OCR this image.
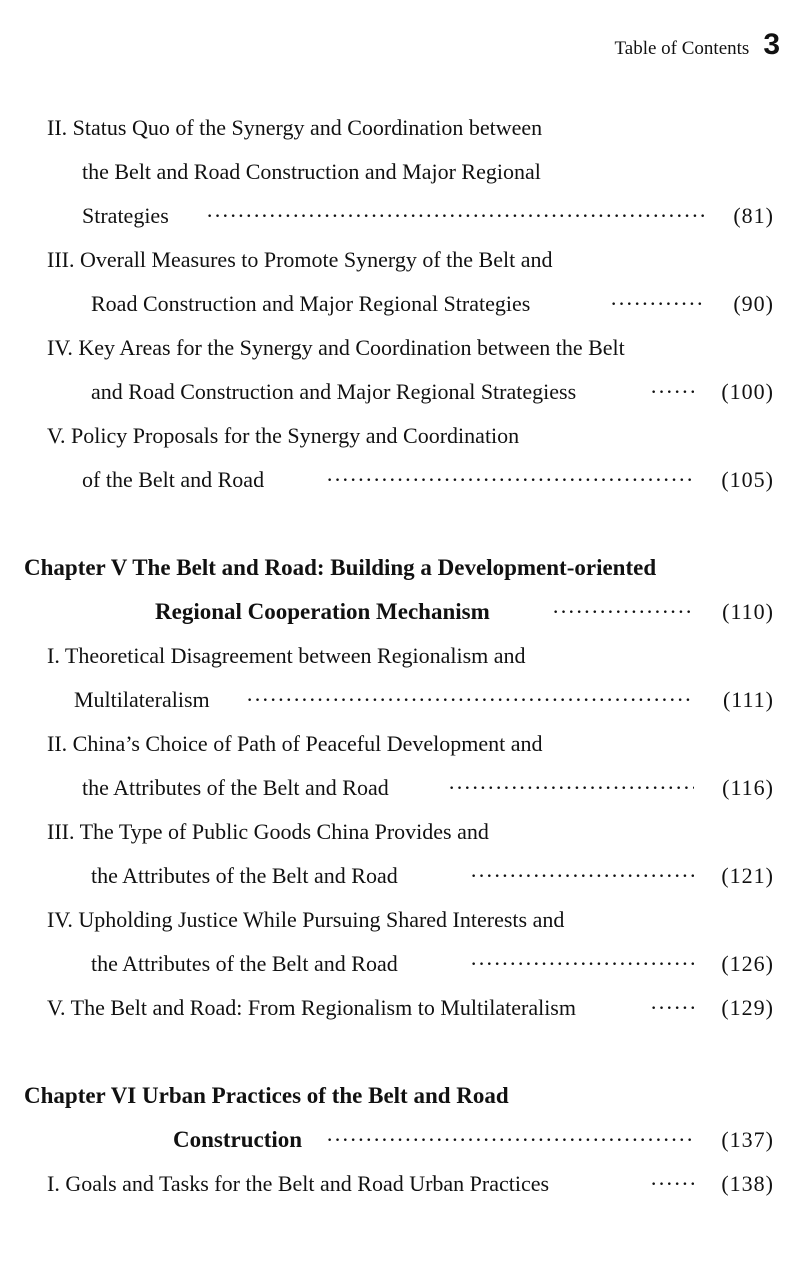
Table of Contents 3
II. Status Quo of the Synergy and Coordination between
the Belt and Road Construction and Major Regional
Strategies ·····	(81)
III. Overall Measures to Promote Synergy of the Belt and
Road Construction and Major Regional Strategies ·····	(90)
IV. Key Areas for the Synergy and Coordination between the Belt
and Road Construction and Major Regional Strategiess ·····	(100)
V. Policy Proposals for the Synergy and Coordination
of the Belt and Road ·····	(105)
Chapter V The Belt and Road: Building a Development-oriented
Regional Cooperation Mechanism ·····	(110)
I. Theoretical Disagreement between Regionalism and
Multilateralism ·····	(111)
II. China’s Choice of Path of Peaceful Development and
the Attributes of the Belt and Road ·····	(116)
III. The Type of Public Goods China Provides and
the Attributes of the Belt and Road ·····	(121)
IV. Upholding Justice While Pursuing Shared Interests and
the Attributes of the Belt and Road ·····	(126)
V. The Belt and Road: From Regionalism to Multilateralism ·····	(129)
Chapter VI Urban Practices of the Belt and Road
Construction ·····	(137)
I. Goals and Tasks for the Belt and Road Urban Practices ·····	(138)
